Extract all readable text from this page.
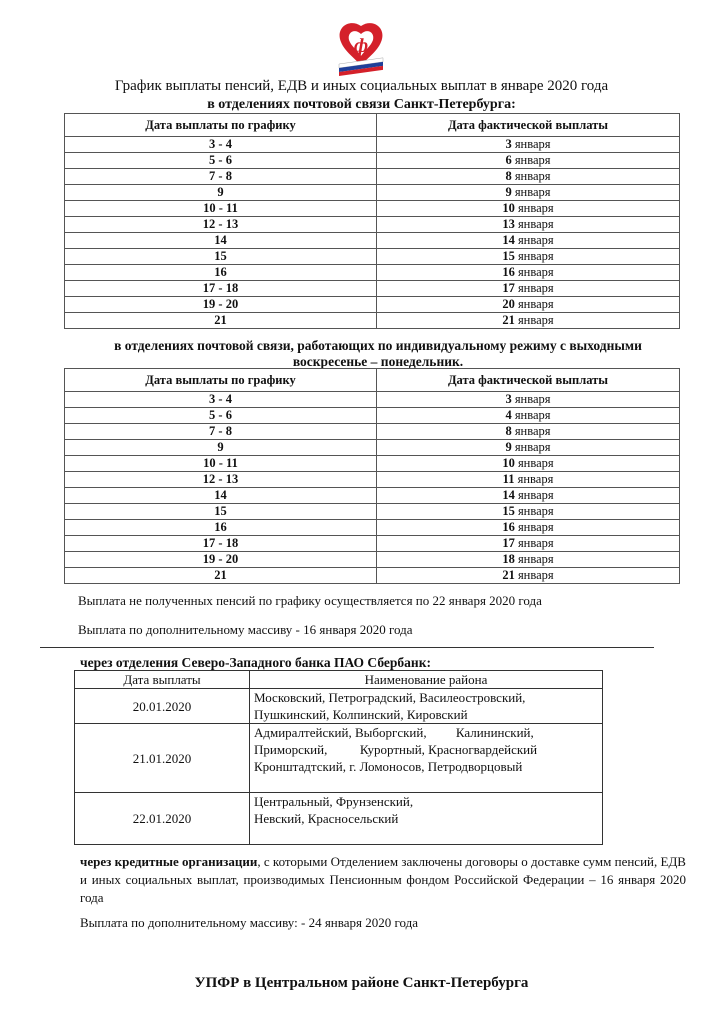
ф
График выплаты пенсий, ЕДВ и иных социальных выплат в январе 2020 года
в отделениях почтовой связи Санкт-Петербурга:
Дата выплаты по графику	Дата фактической выплаты
3 - 4	3 января
5 - 6	6 января
7 - 8	8 января
9	9 января
10 - 11	10 января
12 - 13	13 января
14	14 января
15	15 января
16	16 января
17 - 18	17 января
19 - 20	20 января
21	21 января
в отделениях почтовой связи, работающих по индивидуальному режиму с выходными
воскресенье – понедельник.
Дата выплаты по графику	Дата фактической выплаты
3 - 4	3 января
5 - 6	4 января
7 - 8	8 января
9	9 января
10 - 11	10 января
12 - 13	11 января
14	14 января
15	15 января
16	16 января
17 - 18	17 января
19 - 20	18 января
21	21 января
Выплата не полученных пенсий по графику осуществляется по 22 января 2020 года
Выплата по дополнительному массиву - 16 января 2020 года
через отделения Северо-Западного банка ПАО Сбербанк:
Дата выплаты	Наименование района
20.01.2020	Московский, Петроградский, Василеостровский,
Пушкинский, Колпинский, Кировский

21.01.2020	Адмиралтейский, Выборгский,         Калининский,
Приморский,          Курортный, Красногвардейский
Кронштадтский, г. Ломоносов, Петродворцовый

22.01.2020	Центральный, Фрунзенский,
Невский, Красносельский
через кредитные организации, с которыми Отделением заключены договоры о доставке сумм пенсий, ЕДВ и иных социальных выплат, производимых Пенсионным фондом Российской Федерации – 16 января 2020 года
Выплата по дополнительному массиву: - 24 января 2020 года
УПФР в Центральном районе Санкт-Петербурга
